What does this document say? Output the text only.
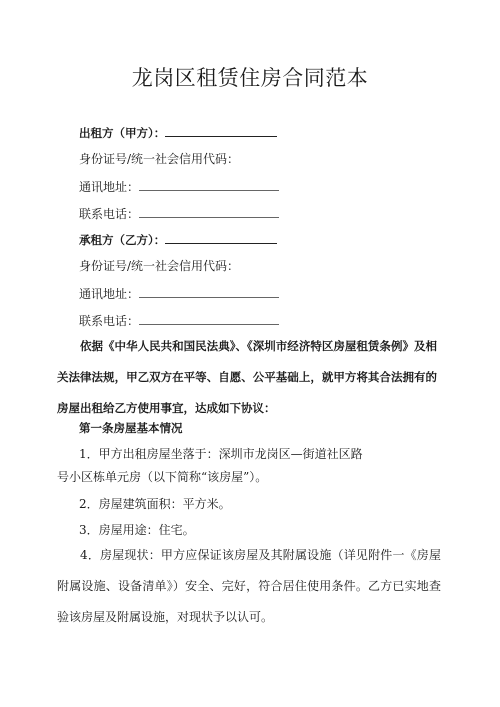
龙岗区租赁住房合同范本
出租方（甲方）：
身份证号/统一社会信用代码：
通讯地址：
联系电话：
承租方（乙方）：
身份证号/统一社会信用代码：
通讯地址：
联系电话：
依据《中华人民共和国民法典》、《深圳市经济特区房屋租赁条例》及相关法律法规，甲乙双方在平等、自愿、公平基础上，就甲方将其合法拥有的房屋出租给乙方使用事宜，达成如下协议：
第一条房屋基本情况
1．甲方出租房屋坐落于：深圳市龙岗区—街道社区路
号小区栋单元房（以下简称“该房屋”）。
2．房屋建筑面积：平方米。
3．房屋用途：住宅。
4．房屋现状：甲方应保证该房屋及其附属设施（详见附件一《房屋附属设施、设备清单》）安全、完好，符合居住使用条件。乙方已实地查验该房屋及附属设施，对现状予以认可。
